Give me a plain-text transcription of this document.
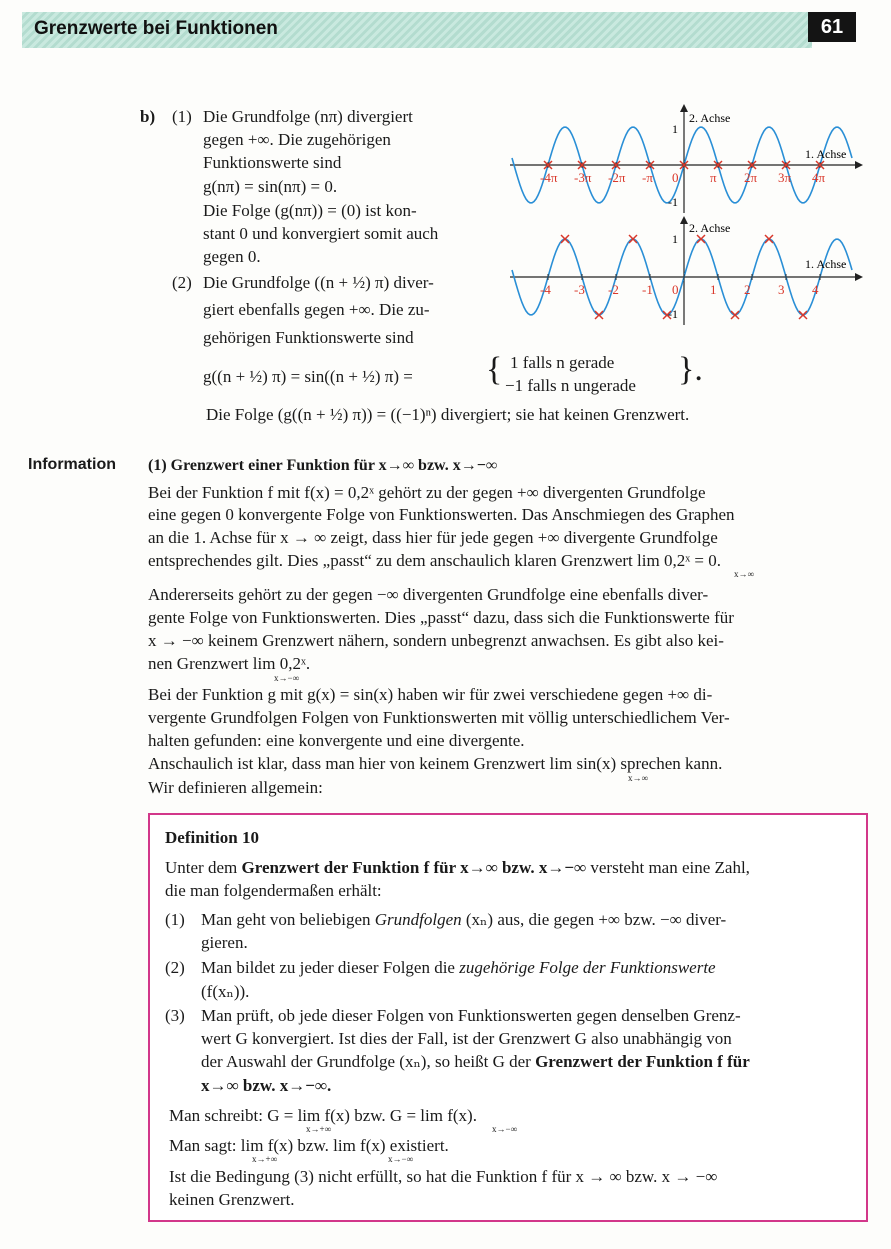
Grenzwerte bei Funktionen	61
b) (1) Die Grundfolge (nπ) divergiert
gegen +∞. Die zugehörigen
Funktionswerte sind
g(nπ) = sin(nπ) = 0.
Die Folge (g(nπ)) = (0) ist kon-
stant 0 und konvergiert somit auch
gegen 0.
(2) Die Grundfolge ((n + ½) π) diver-
giert ebenfalls gegen +∞. Die zu-
gehörigen Funktionswerte sind
g((n + ½) π) = sin((n + ½) π) = { 1 falls n gerade
−1 falls n ungerade }.
Die Folge (g((n + ½) π)) = ((−1)ⁿ) divergiert; sie hat keinen Grenzwert.
-4π -3π -2π -π 0 π 2π 3π 4π
2. Achse
1. Achse
1
-1
-4 -3 -2 -1 0 1 2 3 4
2. Achse
1. Achse
1
-1
Information (1) Grenzwert einer Funktion für x→∞ bzw. x→−∞
Bei der Funktion f mit f(x) = 0,2ˣ gehört zu der gegen +∞ divergenten Grundfolge
eine gegen 0 konvergente Folge von Funktionswerten. Das Anschmiegen des Graphen
an die 1. Achse für x → ∞ zeigt, dass hier für jede gegen +∞ divergente Grundfolge
entsprechendes gilt. Dies „passt“ zu dem anschaulich klaren Grenzwert lim 0,2ˣ = 0.
x→∞
Andererseits gehört zu der gegen −∞ divergenten Grundfolge eine ebenfalls diver-
gente Folge von Funktionswerten. Dies „passt“ dazu, dass sich die Funktionswerte für
x → −∞ keinem Grenzwert nähern, sondern unbegrenzt anwachsen. Es gibt also kei-
nen Grenzwert lim 0,2ˣ.
x→−∞
Bei der Funktion g mit g(x) = sin(x) haben wir für zwei verschiedene gegen +∞ di-
vergente Grundfolgen Folgen von Funktionswerten mit völlig unterschiedlichem Ver-
halten gefunden: eine konvergente und eine divergente.
Anschaulich ist klar, dass man hier von keinem Grenzwert lim sin(x) sprechen kann.
x→∞
Wir definieren allgemein:
Definition 10
Unter dem Grenzwert der Funktion f für x→∞ bzw. x→−∞ versteht man eine Zahl,
die man folgendermaßen erhält:
(1) Man geht von beliebigen Grundfolgen (xₙ) aus, die gegen +∞ bzw. −∞ diver-
gieren.
(2) Man bildet zu jeder dieser Folgen die zugehörige Folge der Funktionswerte
(f(xₙ)).
(3) Man prüft, ob jede dieser Folgen von Funktionswerten gegen denselben Grenz-
wert G konvergiert. Ist dies der Fall, ist der Grenzwert G also unabhängig von
der Auswahl der Grundfolge (xₙ), so heißt G der Grenzwert der Funktion f für
x→∞ bzw. x→−∞.
Man schreibt: G = lim f(x) bzw. G = lim f(x).
x→+∞	x→−∞
Man sagt: lim f(x) bzw. lim f(x) existiert.
x→+∞	x→−∞
Ist die Bedingung (3) nicht erfüllt, so hat die Funktion f für x → ∞ bzw. x → −∞
keinen Grenzwert.
